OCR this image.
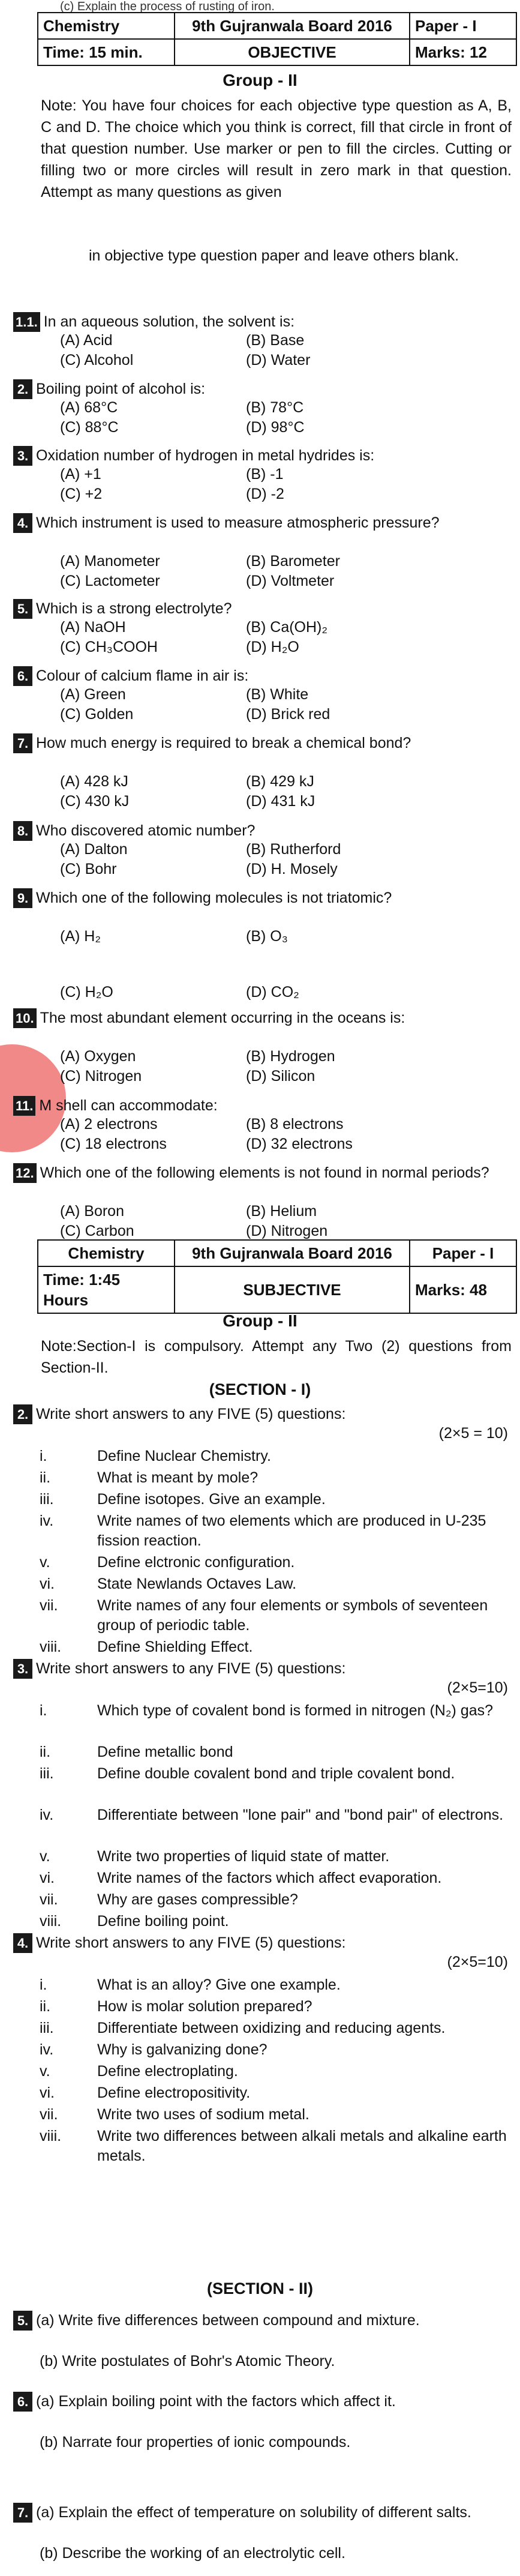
(c) Explain the process of rusting of iron.
Chemistry	9th Gujranwala Board 2016	Paper - I
Time: 15 min.	OBJECTIVE	Marks: 12
Group - II
Note: You have four choices for each objective type question as A, B, C and D. The choice which you think is correct, fill that circle in front of that question number. Use marker or pen to fill the circles. Cutting or filling two or more circles will result in zero mark in that question. Attempt as many questions as given
in objective type question paper and leave others blank.
1.1. In an aqueous solution, the solvent is:
(A) Acid	(B) Base
(C) Alcohol	(D) Water
2. Boiling point of alcohol is:
(A) 68°C	(B) 78°C
(C) 88°C	(D) 98°C
3. Oxidation number of hydrogen in metal hydrides is:
(A) +1	(B) -1
(C) +2	(D) -2
4. Which instrument is used to measure atmospheric pressure?
(A) Manometer	(B) Barometer
(C) Lactometer	(D) Voltmeter
5. Which is a strong electrolyte?
(A) NaOH	(B) Ca(OH)₂
(C) CH₃COOH	(D) H₂O
6. Colour of calcium flame in air is:
(A) Green	(B) White
(C) Golden	(D) Brick red
7. How much energy is required to break a chemical bond?
(A) 428 kJ	(B) 429 kJ
(C) 430 kJ	(D) 431 kJ
8. Who discovered atomic number?
(A) Dalton	(B) Rutherford
(C) Bohr	(D) H. Mosely
9. Which one of the following molecules is not triatomic?
(A) H₂	(B) O₃
(C) H₂O	(D) CO₂
10. The most abundant element occurring in the oceans is:
(A) Oxygen	(B) Hydrogen
(C) Nitrogen	(D) Silicon
11. M shell can accommodate:
(A) 2 electrons	(B) 8 electrons
(C) 18 electrons	(D) 32 electrons
12. Which one of the following elements is not found in normal periods?
(A) Boron	(B) Helium
(C) Carbon	(D) Nitrogen
Chemistry	9th Gujranwala Board 2016	Paper - I
Time: 1:45 Hours	SUBJECTIVE	Marks: 48
Group - II
Note:Section-I is compulsory. Attempt any Two (2) questions from Section-II.
(SECTION - I)
2. Write short answers to any FIVE (5) questions:
(2×5 = 10)
i.	Define Nuclear Chemistry.
ii.	What is meant by mole?
iii.	Define isotopes. Give an example.
iv.	Write names of two elements which are produced in U-235 fission reaction.
v.	Define elctronic configuration.
vi.	State Newlands Octaves Law.
vii.	Write names of any four elements or symbols of seventeen group of periodic table.
viii. Define Shielding Effect.
3. Write short answers to any FIVE (5) questions:
(2×5=10)
i.	Which type of covalent bond is formed in nitrogen (N₂) gas?
ii.	Define metallic bond
iii.	Define double covalent bond and triple covalent bond.
iv.	Differentiate between "lone pair" and "bond pair" of electrons.
v.	Write two properties of liquid state of matter.
vi.	Write names of the factors which affect evaporation.
vii.	Why are gases compressible?
viii. Define boiling point.
4. Write short answers to any FIVE (5) questions:
(2×5=10)
i.	What is an alloy? Give one example.
ii.	How is molar solution prepared?
iii.	Differentiate between oxidizing and reducing agents.
iv.	Why is galvanizing done?
v.	Define electroplating.
vi.	Define electropositivity.
vii.	Write two uses of sodium metal.
viii. Write two differences between alkali metals and alkaline earth metals.
(SECTION - II)
5. (a) Write five differences between compound and mixture.
(b) Write postulates of Bohr's Atomic Theory.
6. (a) Explain boiling point with the factors which affect it.
(b) Narrate four properties of ionic compounds.
7. (a) Explain the effect of temperature on solubility of different salts.
(b) Describe the working of an electrolytic cell.
